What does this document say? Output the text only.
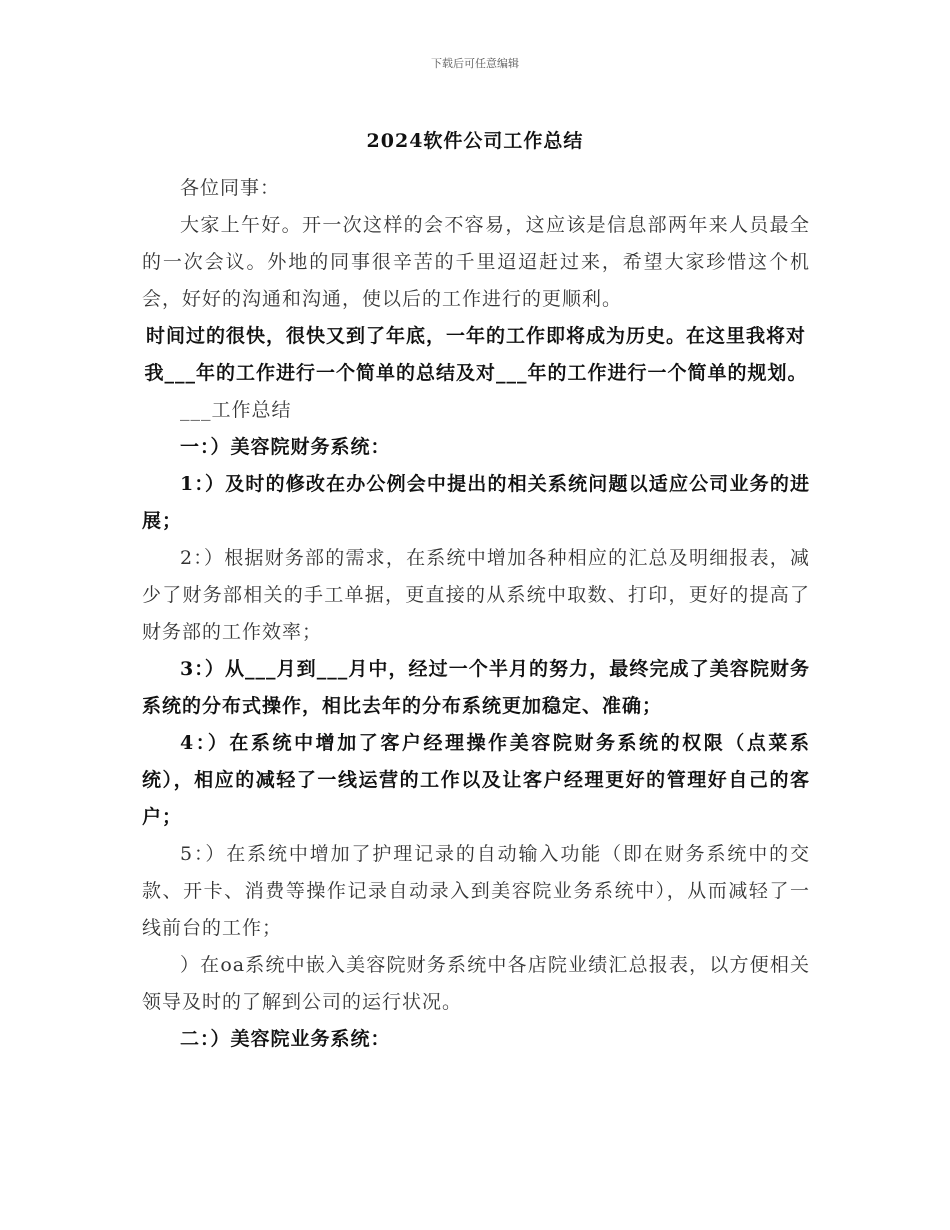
下载后可任意编辑
2024软件公司工作总结

各位同事：

大家上午好。开一次这样的会不容易，这应该是信息部两年来人员最全的一次会议。外地的同事很辛苦的千里迢迢赶过来，希望大家珍惜这个机会，好好的沟通和沟通，使以后的工作进行的更顺利。

时间过的很快，很快又到了年底，一年的工作即将成为历史。在这里我将对我___年的工作进行一个简单的总结及对___年的工作进行一个简单的规划。

___工作总结

一：）美容院财务系统：

1：）及时的修改在办公例会中提出的相关系统问题以适应公司业务的进展；

2：）根据财务部的需求，在系统中增加各种相应的汇总及明细报表，减少了财务部相关的手工单据，更直接的从系统中取数、打印，更好的提高了财务部的工作效率；

3：）从___月到___月中，经过一个半月的努力，最终完成了美容院财务系统的分布式操作，相比去年的分布系统更加稳定、准确；

4：）在系统中增加了客户经理操作美容院财务系统的权限（点菜系统），相应的减轻了一线运营的工作以及让客户经理更好的管理好自己的客户；

5：）在系统中增加了护理记录的自动输入功能（即在财务系统中的交款、开卡、消费等操作记录自动录入到美容院业务系统中），从而减轻了一线前台的工作；

）在oa系统中嵌入美容院财务系统中各店院业绩汇总报表，以方便相关领导及时的了解到公司的运行状况。

二：）美容院业务系统：
